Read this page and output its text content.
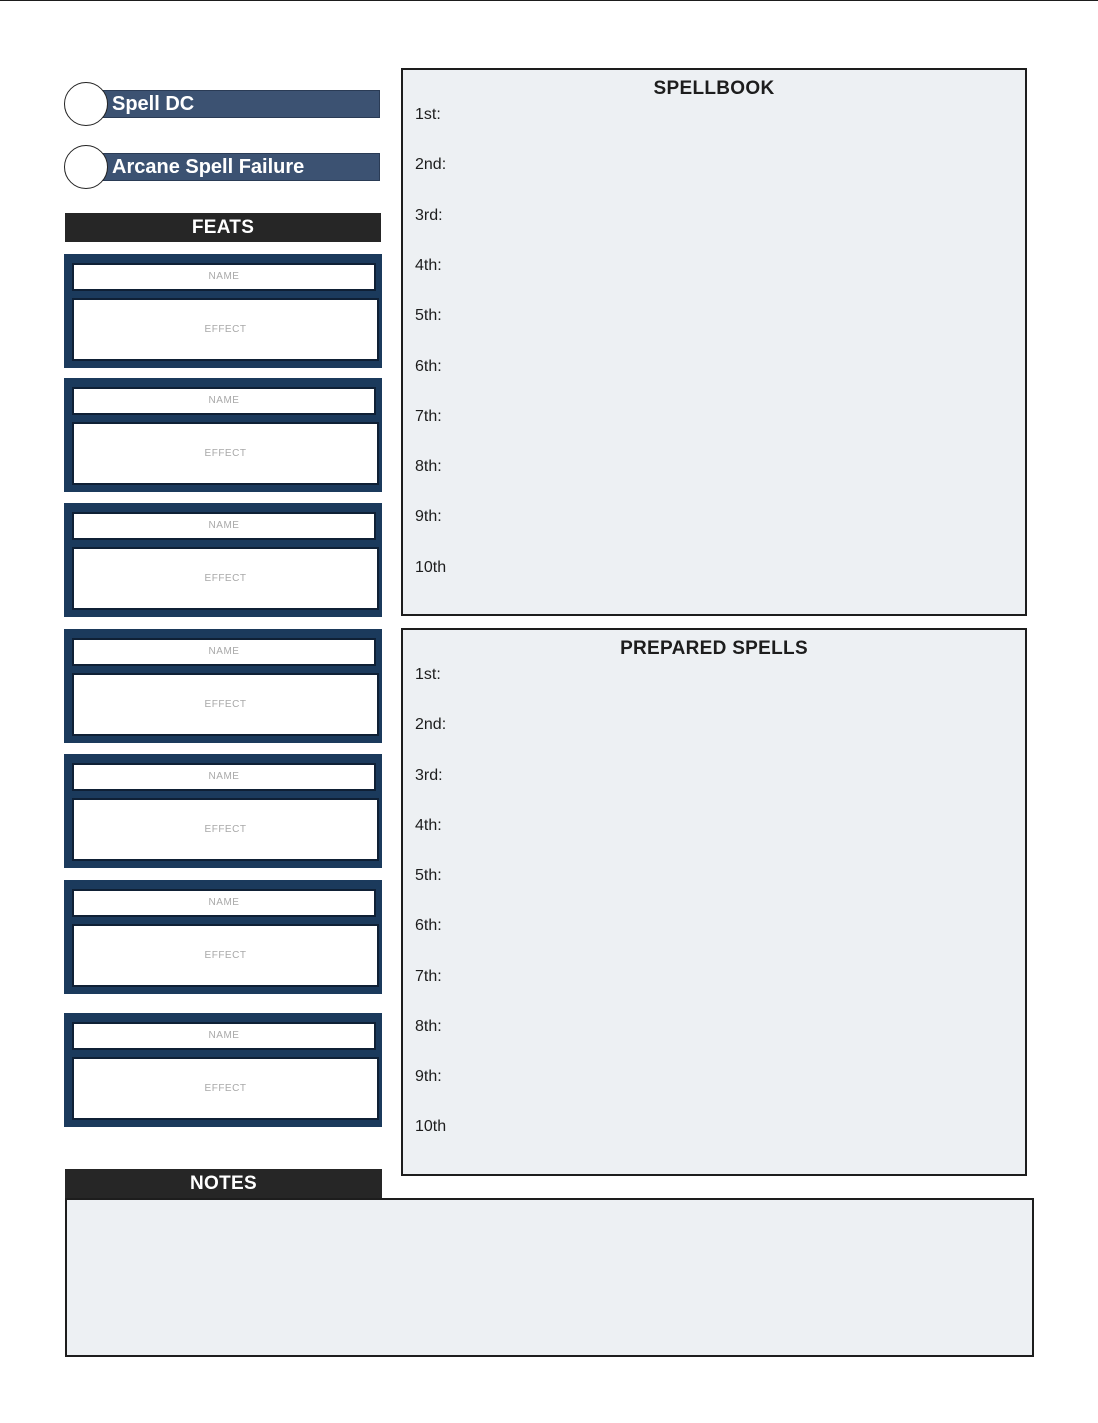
Spell DC
Arcane Spell Failure
FEATS
NAME
EFFECT
NAME
EFFECT
NAME
EFFECT
NAME
EFFECT
NAME
EFFECT
NAME
EFFECT
NAME
EFFECT
SPELLBOOK
1st:
2nd:
3rd:
4th:
5th:
6th:
7th:
8th:
9th:
10th
PREPARED SPELLS
1st:
2nd:
3rd:
4th:
5th:
6th:
7th:
8th:
9th:
10th
NOTES
